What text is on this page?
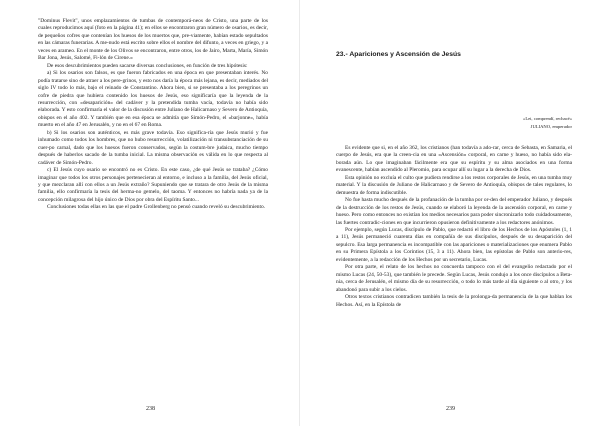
"Dominus Flevit", unos emplazamientos de tumbas de contemporá-neos de Cristo, una parte de los cuales reproducimos aquí (foto en la página 41); en ellos se encontraron gran número de osarios, es decir, de pequeños cofres que contenían los huesos de los muertos que, pre-viamente, habían estado sepultados en las cámaras funerarias. A me-nudo está escrito sobre ellos el nombre del difunto, a veces en griego, y a veces en arameo. En el monte de los Olivos se encontraron, entre otros, los de Jairo, Marta, María, Simón Bar Jona, Jesús, Salomé, Fi-lón de Cirene.»

De esos descubrimientos pueden sacarse diversas conclusiones, en función de tres hipótesis:

a) Si los osarios son falsos, es que fueron fabricados en una época en que presentaban interés. No podía tratarse sino de atraer a los pere-grinos, y esto nos daría la época más lejana, es decir, mediados del siglo IV todo lo más, bajo el reinado de Constantino. Ahora bien, si se presentaba a los peregrinos un cofre de piedra que hubiera contenido los huesos de Jesús, eso significaría que la leyenda de la resurrección, con «desaparición» del cadáver y la pretendida tumba vacía, todavía no había sido elaborada. Y esto confirmaría el valor de la discusión entre Juliano de Halicarnaso y Severo de Antioquía, obispos en el año 402. Y también que en esa época se admitía que Simón-Pedro, el «barjonne», había muerto en el año 47 en Jerusalén, y no en el 67 en Roma.

b) Si los osarios son auténticos, es más grave todavía. Eso significa-ría que Jesús murió y fue inhumado como todos los hombres, que no hubo resurrección, volatilización ni transubstanciación de su cuer-po carnal, dado que los huesos fueron conservados, según la costum-bre judaica, mucho tiempo después de haberlos sacado de la tumba inicial. La misma observación es válida en lo que respecta al cadáver de Simón-Pedro.

c) El Jesús cuyo osario se encontró no es Cristo. En este caso, ¿de qué Jesús se trataba? ¿Cómo imaginar que todos los otros personajes pertenecieran al entorno, e incluso a la familia, del Jesús oficial, y que mezclaran allí con ellos a un Jesús extraño? Supuniendo que se tratara de otro Jesús de la misma familia, ello confirmaría la tesis del herma-no gemelo, del taoma. Y entonces no habría nada ya de la concepción milagrosa del hijo único de Dios por obra del Espíritu Santo...

Conclusiones todas ellas en las que el padre Grollenberg no pensó cuando reveló su descubrimiento.

238
23.- Apariciones y Ascensión de Jesús
«Lei, comprendí, rechacé»
JULIANO, emperador

Es evidente que si, en el año 362, los cristianos (han todavía a ado-rar, cerca de Sebasta, en Samaria, el cuerpo de Jesús, era que la creen-cia en una «Ascensión» corporal, en carne y hueso, no había sido ela-borada aún. Lo que imaginaban fácilmente era que su espíritu y su alma asociados en una forma evanescente, habían ascendido al Pleromio, para ocupar allí su lugar a la derecha de Dios.

Esta opinión no excluía el culto que pudiera rendirse a los restos corporales de Jesús, en una tumba muy material. Y la discusión de Juliano de Halicarnaso y de Severo de Antioquía, obispos de tales regulares, lo demuestra de forma indiscutible.

No fue hasta mucho después de la profanación de la tumba por or-den del emperador Juliano, y después de la destrucción de los restos de Jesús, cuando se elaboró la leyenda de la ascensión corporal, en carne y hueso. Pero como entonces no existían los medios necesarios para poder sincronizarlo todo cuidadosamente, las fuertes contradic-ciones en que incurrieron opusieron definitivamente a los redactores anónimos.

Por ejemplo, según Lucas, discípulo de Pablo, que redactó el libro de los Hechos de los Apóstoles (1, 1 a 11), Jesús permaneció cuarenta días en compañía de sus discípulos, después de su desaparición del sepulcro. Esa larga permanencia es incompatible con las apariciones o materializaciones que enumera Pablo en su Primera Epístola a los Corintios (15, 3 a 11). Ahora bien, las epístolas de Pablo son anterio-res, evidentemente, a la redacción de los Hechos por un secretario, Lucas.

Por otra parte, el relato de los hechos no concuerda tampoco con el del evangelio redactado por el mismo Lucas (24, 50-53), que también le precede. Según Lucas, Jesús condujo a los once discípulos a Beta-nia, cerca de Jerusalén, el mismo día de su resurrección, o todo lo más tarde al día siguiente o al otro, y los abandonó para subir a los cielos.

Otros textos cristianos contradicen también la tesis de la prolonga-da permanencia de la que hablan los Hechos. Así, en la Epístola de

239
